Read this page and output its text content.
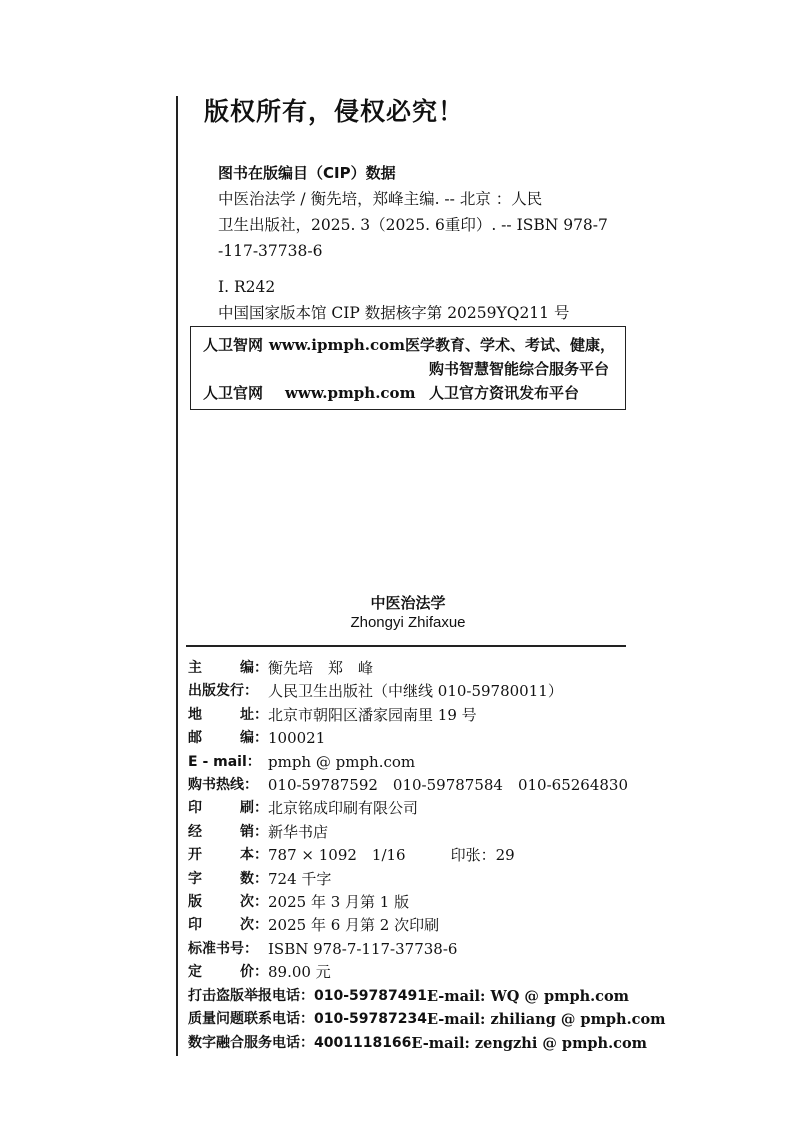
版权所有，侵权必究！
图书在版编目（CIP）数据
中医治法学 / 衡先培，郑峰主编. -- 北京 ：人民
卫生出版社，2025. 3（2025. 6重印）. -- ISBN 978-7
-117-37738-6
Ⅰ. R242
中国国家版本馆 CIP 数据核字第 20259YQ211 号
人卫智网 www.ipmph.com 医学教育、学术、考试、健康，
购书智慧智能综合服务平台
人卫官网	www.pmph.com 人卫官方资讯发布平台
中医治法学
Zhongyi Zhifaxue
主	编： 衡先培　郑　峰
出版发行： 人民卫生出版社（中继线 010-59780011）
地	址： 北京市朝阳区潘家园南里 19 号
邮	编： 100021
E - mail： pmph @ pmph.com
购书热线： 010-59787592　010-59787584　010-65264830
印	刷： 北京铭成印刷有限公司
经	销： 新华书店
开	本： 787 × 1092　1/16　　　印张：29
字	数： 724 千字
版	次： 2025 年 3 月第 1 版
印	次： 2025 年 6 月第 2 次印刷
标准书号： ISBN 978-7-117-37738-6
定	价： 89.00 元
打击盗版举报电话：010-59787491 E-mail: WQ @ pmph.com
质量问题联系电话：010-59787234 E-mail: zhiliang @ pmph.com
数字融合服务电话：4001118166 E-mail: zengzhi @ pmph.com
